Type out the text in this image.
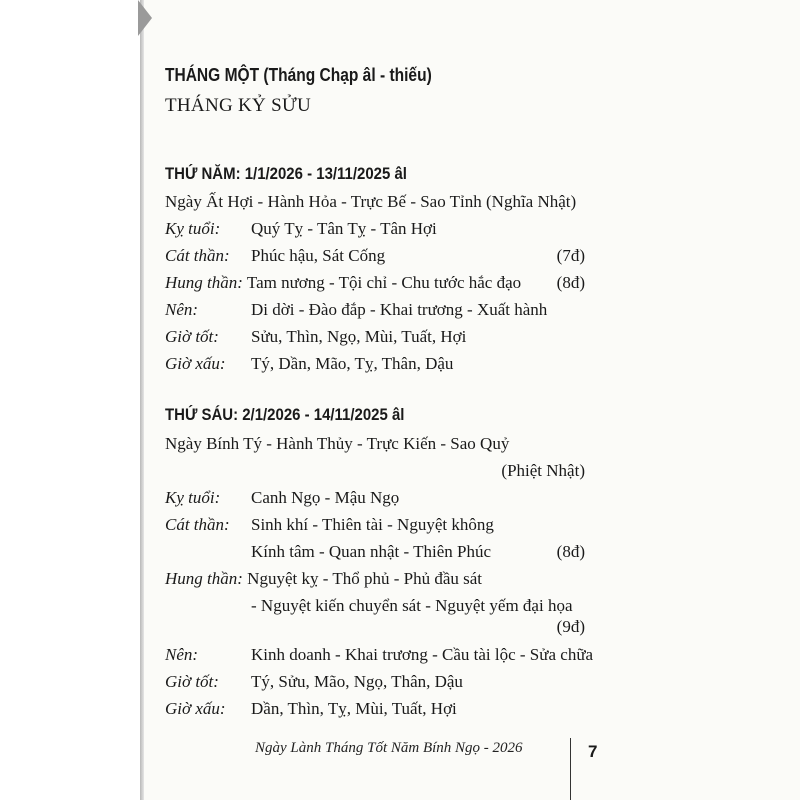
THÁNG MỘT (Tháng Chạp âl - thiếu)
THÁNG KỶ SỬU
THỨ NĂM: 1/1/2026 - 13/11/2025 âl
Ngày Ất Hợi - Hành Hỏa - Trực Bế - Sao Tỉnh (Nghĩa Nhật)
Kỵ tuổi: Quý Tỵ - Tân Tỵ - Tân Hợi
Cát thần: Phúc hậu, Sát Cống	(7đ)
Hung thần: Tam nương - Tội chỉ - Chu tước hắc đạo (8đ)
Nên:	Di dời - Đào đắp - Khai trương - Xuất hành
Giờ tốt: Sửu, Thìn, Ngọ, Mùi, Tuất, Hợi
Giờ xấu: Tý, Dần, Mão, Tỵ, Thân, Dậu
THỨ SÁU: 2/1/2026 - 14/11/2025 âl
Ngày Bính Tý - Hành Thủy - Trực Kiến - Sao Quỷ
(Phiệt Nhật)
Kỵ tuổi: Canh Ngọ - Mậu Ngọ
Cát thần: Sinh khí - Thiên tài - Nguyệt không
Kính tâm - Quan nhật - Thiên Phúc	(8đ)
Hung thần: Nguyệt kỵ - Thổ phủ - Phủ đầu sát
- Nguyệt kiến chuyển sát - Nguyệt yếm đại họa
(9đ)
Nên:	Kinh doanh - Khai trương - Cầu tài lộc - Sửa chữa
Giờ tốt: Tý, Sửu, Mão, Ngọ, Thân, Dậu
Giờ xấu: Dần, Thìn, Tỵ, Mùi, Tuất, Hợi
Ngày Lành Tháng Tốt Năm Bính Ngọ - 2026	7
